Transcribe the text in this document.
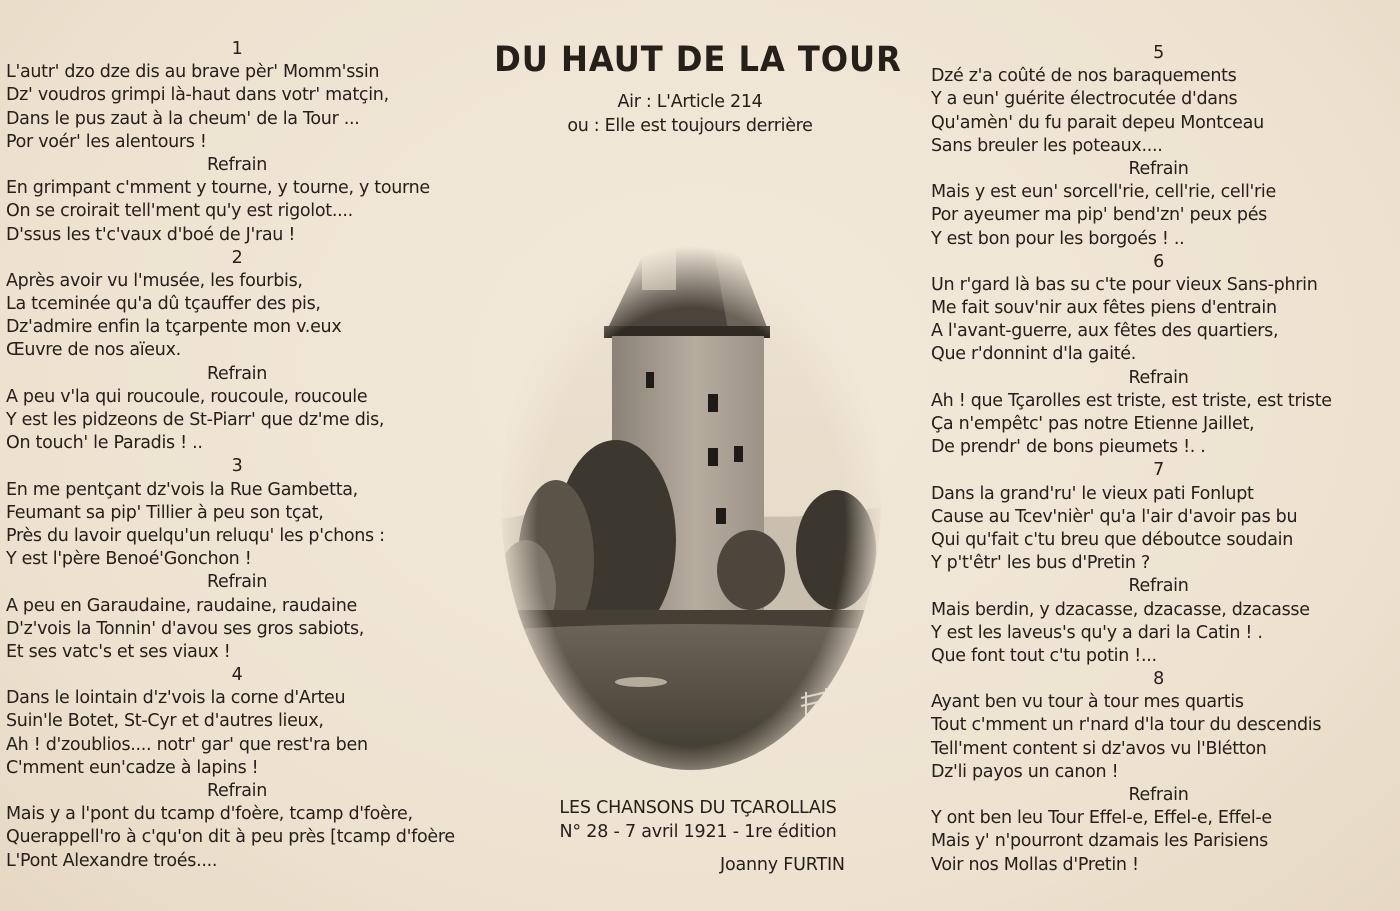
1
L'autr' dzo dze dis au brave pèr' Momm'ssin
Dz' voudros grimpi là-haut dans votr' matçin,
Dans le pus zaut à la cheum' de la Tour ...
Por voér' les alentours !
Refrain
En grimpant c'mment y tourne, y tourne, y tourne
On se croirait tell'ment qu'y est rigolot....
D'ssus les t'c'vaux d'boé de J'rau !
2
Après avoir vu l'musée, les fourbis,
La tceminée qu'a dû tçauffer des pis,
Dz'admire enfin la tçarpente mon v.eux
Œuvre de nos aïeux.
Refrain
A peu v'la qui roucoule, roucoule, roucoule
Y est les pidzeons de St-Piarr' que dz'me dis,
On touch' le Paradis ! ..
3
En me pentçant dz'vois la Rue Gambetta,
Feumant sa pip' Tillier à peu son tçat,
Près du lavoir quelqu'un reluqu' les p'chons :
Y est l'père Benoé'Gonchon !
Refrain
A peu en Garaudaine, raudaine, raudaine
D'z'vois la Tonnin' d'avou ses gros sabiots,
Et ses vatc's et ses viaux !
4
Dans le lointain d'z'vois la corne d'Arteu
Suin'le Botet, St-Cyr et d'autres lieux,
Ah ! d'zoublios.... notr' gar' que rest'ra ben
C'mment eun'cadze à lapins !
Refrain
Mais y a l'pont du tcamp d'foère, tcamp d'foère,
Querappell'ro à c'qu'on dit à peu près [tcamp d'foère
L'Pont Alexandre troés....
DU HAUT DE LA TOUR
Air : L'Article 214
ou : Elle est toujours derrière
5
Dzé z'a coûté de nos baraquements
Y a eun' guérite électrocutée d'dans
Qu'amèn' du fu parait depeu Montceau
Sans breuler les poteaux....
Refrain
Mais y est eun' sorcell'rie, cell'rie, cell'rie
Por ayeumer ma pip' bend'zn' peux pés
Y est bon pour les borgoés ! ..
6
Un r'gard là bas su c'te pour vieux Sans-phrin
Me fait souv'nir aux fêtes piens d'entrain
A l'avant-guerre, aux fêtes des quartiers,
Que r'donnint d'la gaité.
Refrain
Ah ! que Tçarolles est triste, est triste, est triste
Ça n'empêtc' pas notre Etienne Jaillet,
De prendr' de bons pieumets !. .
7
Dans la grand'ru' le vieux pati Fonlupt
Cause au Tcev'nièr' qu'a l'air d'avoir pas bu
Qui qu'fait c'tu breu que déboutce soudain
Y p't'êtr' les bus d'Pretin ?
Refrain
Mais berdin, y dzacasse, dzacasse, dzacasse
Y est les laveus's qu'y a dari la Catin ! .
Que font tout c'tu potin !...
8
Ayant ben vu tour à tour mes quartis
Tout c'mment un r'nard d'la tour du descendis
Tell'ment content si dz'avos vu l'Blétton
Dz'li payos un canon !
Refrain
Y ont ben leu Tour Effel-e, Effel-e, Effel-e
Mais y' n'pourront dzamais les Parisiens
Voir nos Mollas d'Pretin !
LES CHANSONS DU TÇAROLLAIS
N° 28 - 7 avril 1921 - 1re édition
Joanny FURTIN
